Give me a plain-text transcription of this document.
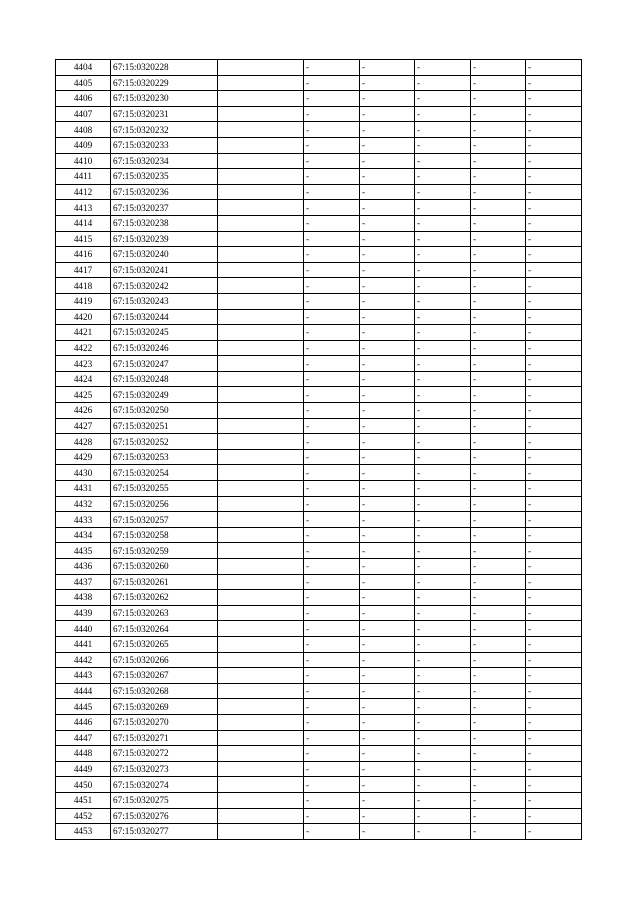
4404	67:15:0320228		-	-	-	-	-
4405	67:15:0320229		-	-	-	-	-
4406	67:15:0320230		-	-	-	-	-
4407	67:15:0320231		-	-	-	-	-
4408	67:15:0320232		-	-	-	-	-
4409	67:15:0320233		-	-	-	-	-
4410	67:15:0320234		-	-	-	-	-
4411	67:15:0320235		-	-	-	-	-
4412	67:15:0320236		-	-	-	-	-
4413	67:15:0320237		-	-	-	-	-
4414	67:15:0320238		-	-	-	-	-
4415	67:15:0320239		-	-	-	-	-
4416	67:15:0320240		-	-	-	-	-
4417	67:15:0320241		-	-	-	-	-
4418	67:15:0320242		-	-	-	-	-
4419	67:15:0320243		-	-	-	-	-
4420	67:15:0320244		-	-	-	-	-
4421	67:15:0320245		-	-	-	-	-
4422	67:15:0320246		-	-	-	-	-
4423	67:15:0320247		-	-	-	-	-
4424	67:15:0320248		-	-	-	-	-
4425	67:15:0320249		-	-	-	-	-
4426	67:15:0320250		-	-	-	-	-
4427	67:15:0320251		-	-	-	-	-
4428	67:15:0320252		-	-	-	-	-
4429	67:15:0320253		-	-	-	-	-
4430	67:15:0320254		-	-	-	-	-
4431	67:15:0320255		-	-	-	-	-
4432	67:15:0320256		-	-	-	-	-
4433	67:15:0320257		-	-	-	-	-
4434	67:15:0320258		-	-	-	-	-
4435	67:15:0320259		-	-	-	-	-
4436	67:15:0320260		-	-	-	-	-
4437	67:15:0320261		-	-	-	-	-
4438	67:15:0320262		-	-	-	-	-
4439	67:15:0320263		-	-	-	-	-
4440	67:15:0320264		-	-	-	-	-
4441	67:15:0320265		-	-	-	-	-
4442	67:15:0320266		-	-	-	-	-
4443	67:15:0320267		-	-	-	-	-
4444	67:15:0320268		-	-	-	-	-
4445	67:15:0320269		-	-	-	-	-
4446	67:15:0320270		-	-	-	-	-
4447	67:15:0320271		-	-	-	-	-
4448	67:15:0320272		-	-	-	-	-
4449	67:15:0320273		-	-	-	-	-
4450	67:15:0320274		-	-	-	-	-
4451	67:15:0320275		-	-	-	-	-
4452	67:15:0320276		-	-	-	-	-
4453	67:15:0320277		-	-	-	-	-
